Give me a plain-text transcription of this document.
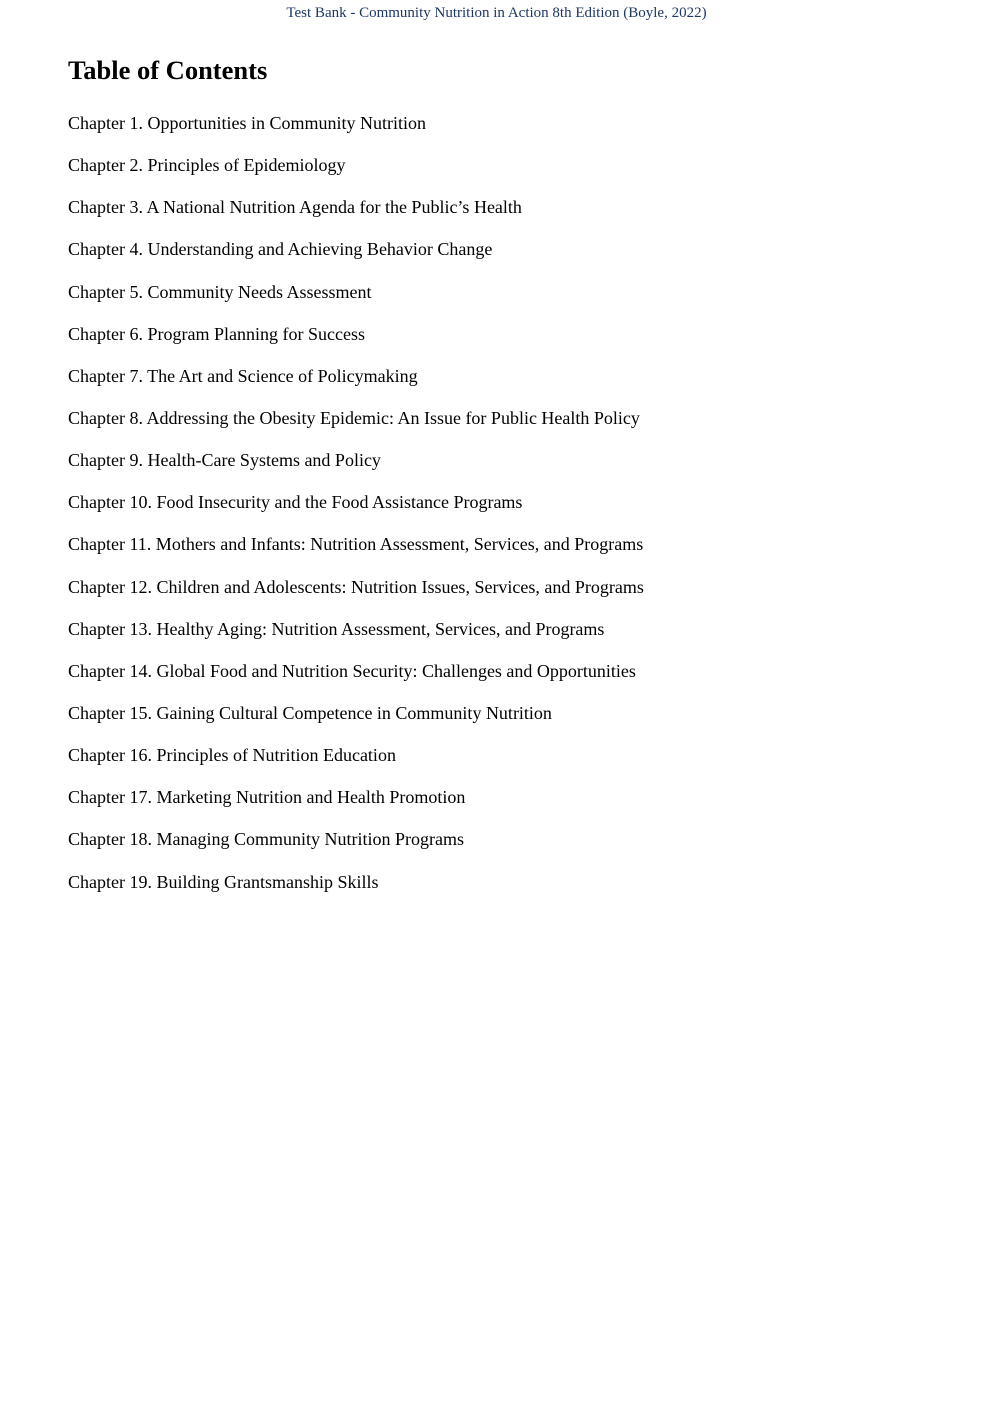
Test Bank - Community Nutrition in Action 8th Edition (Boyle, 2022)
Table of Contents
Chapter 1. Opportunities in Community Nutrition
Chapter 2. Principles of Epidemiology
Chapter 3. A National Nutrition Agenda for the Public’s Health
Chapter 4. Understanding and Achieving Behavior Change
Chapter 5. Community Needs Assessment
Chapter 6. Program Planning for Success
Chapter 7. The Art and Science of Policymaking
Chapter 8. Addressing the Obesity Epidemic: An Issue for Public Health Policy
Chapter 9. Health-Care Systems and Policy
Chapter 10. Food Insecurity and the Food Assistance Programs
Chapter 11. Mothers and Infants: Nutrition Assessment, Services, and Programs
Chapter 12. Children and Adolescents: Nutrition Issues, Services, and Programs
Chapter 13. Healthy Aging: Nutrition Assessment, Services, and Programs
Chapter 14. Global Food and Nutrition Security: Challenges and Opportunities
Chapter 15. Gaining Cultural Competence in Community Nutrition
Chapter 16. Principles of Nutrition Education
Chapter 17. Marketing Nutrition and Health Promotion
Chapter 18. Managing Community Nutrition Programs
Chapter 19. Building Grantsmanship Skills
